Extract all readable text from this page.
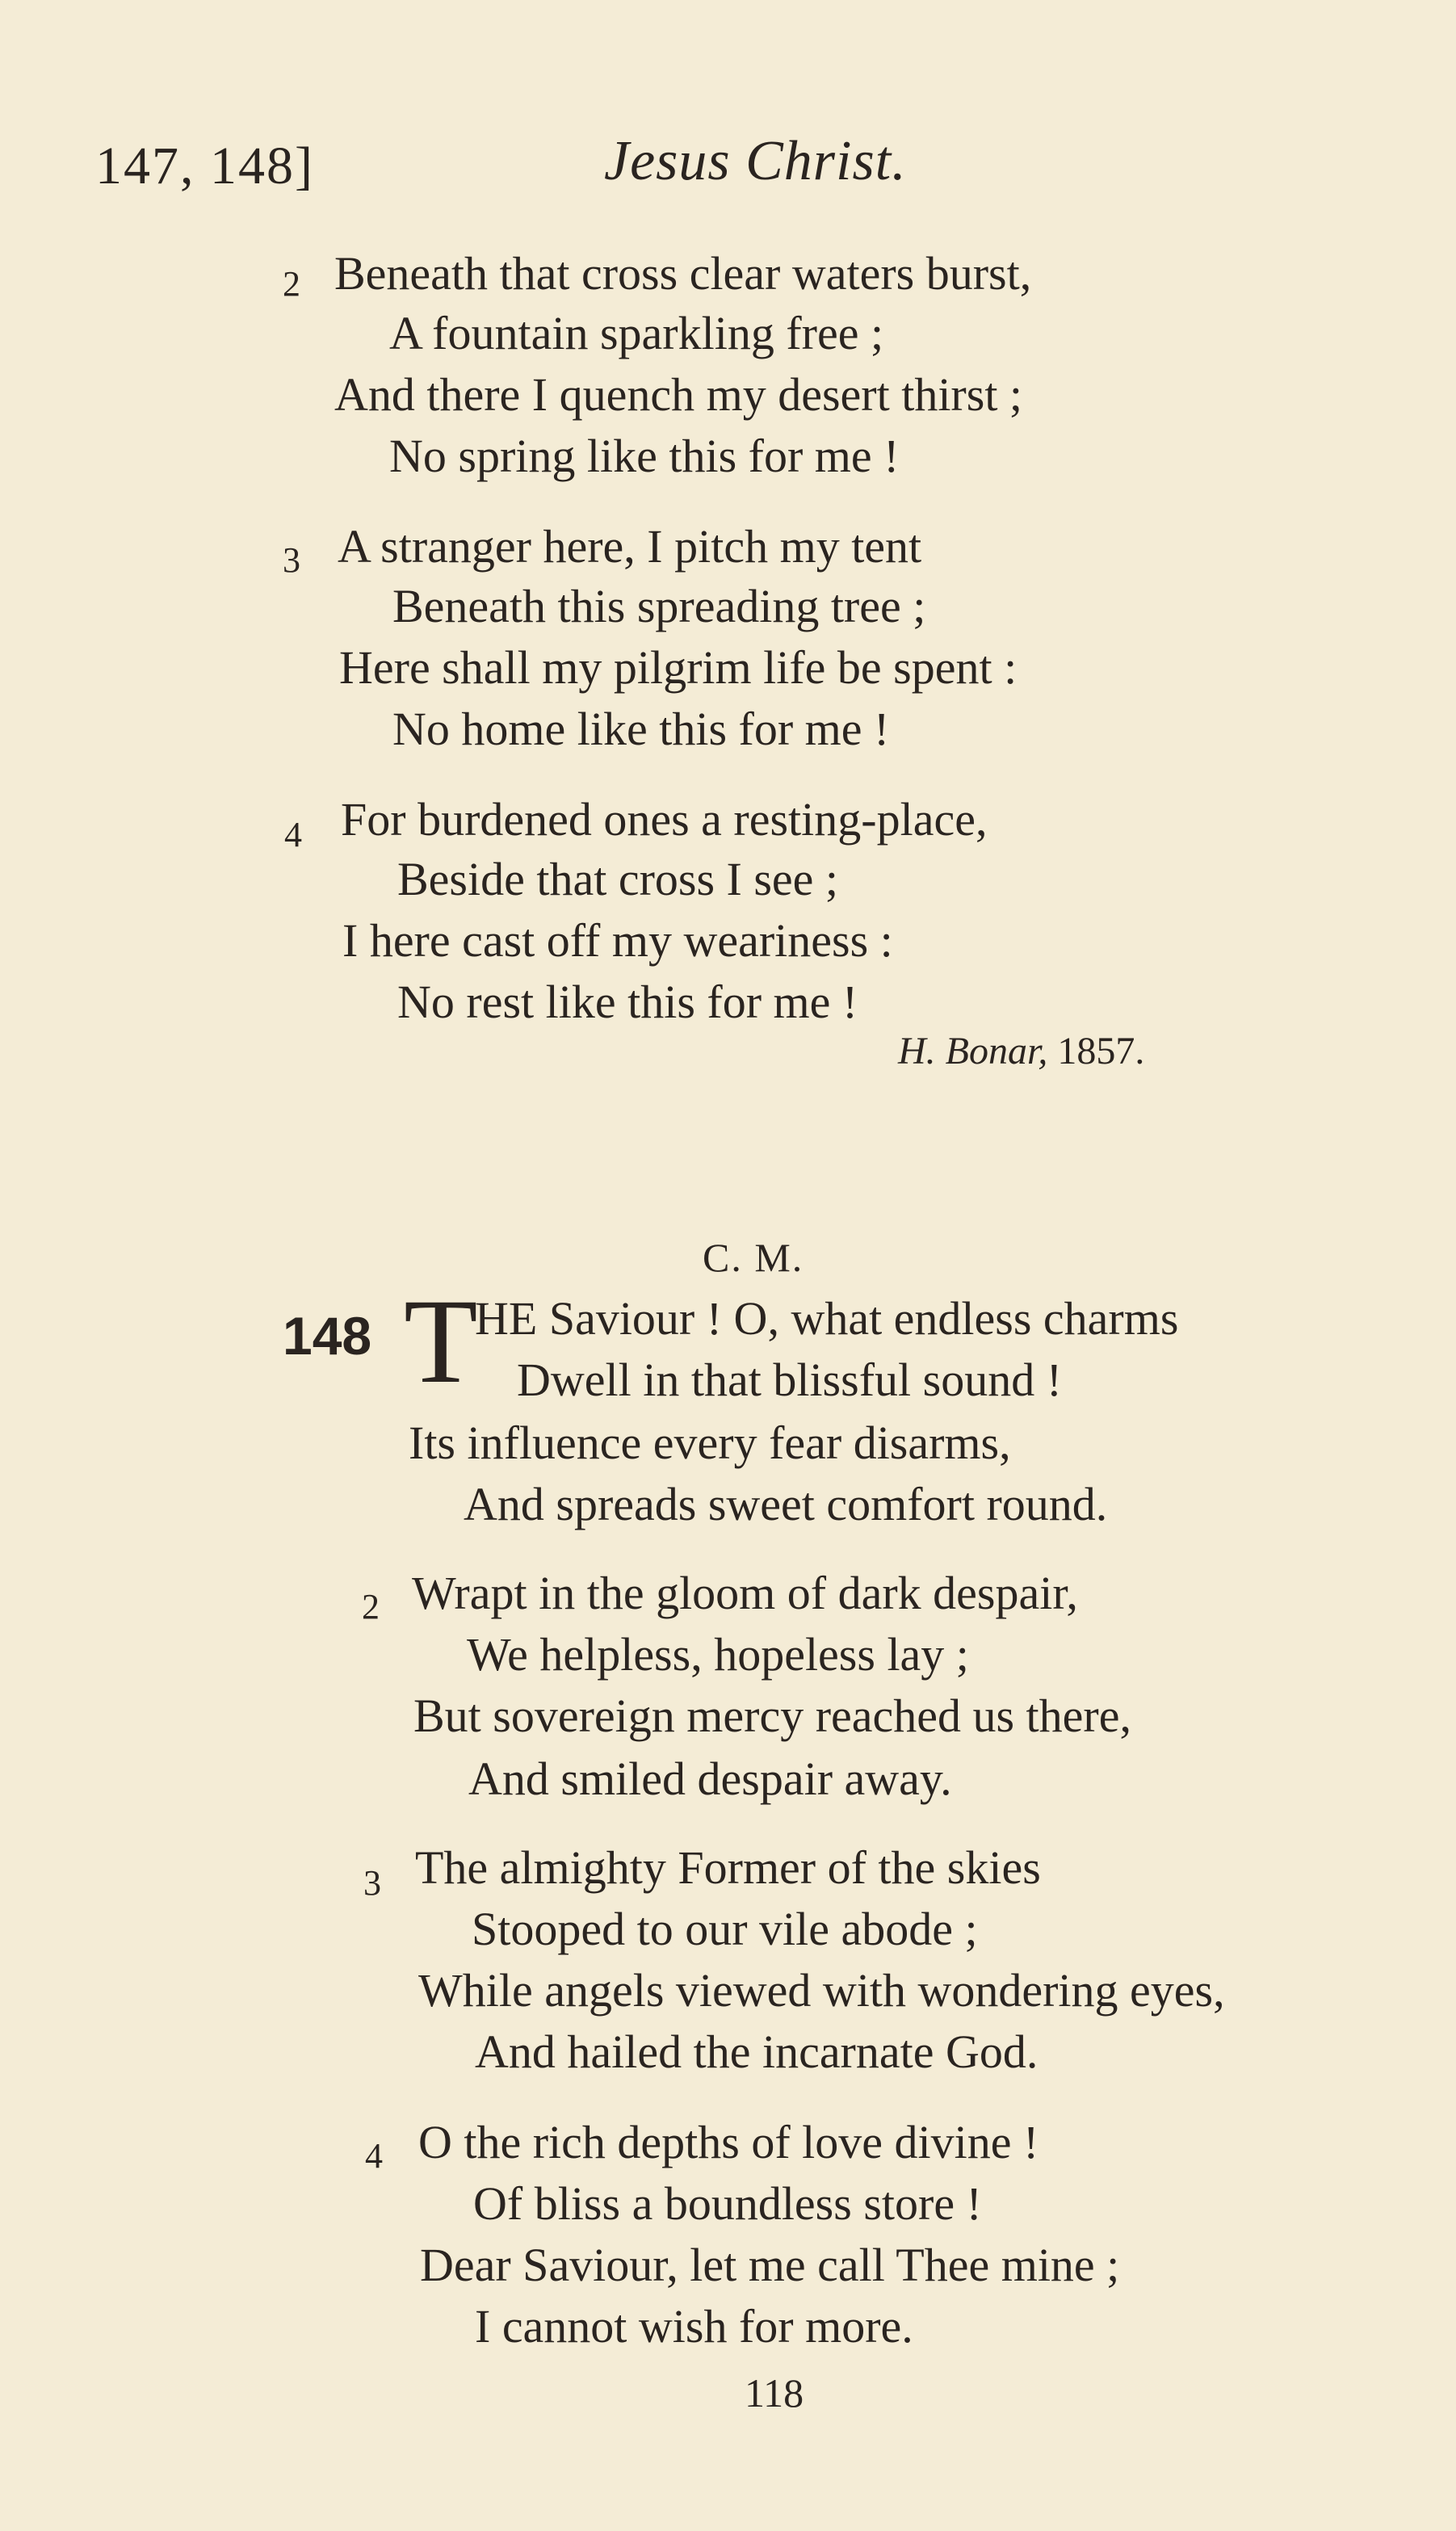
147, 148]	Jesus Christ.
2 Beneath that cross clear waters burst,
A fountain sparkling free ;
And there I quench my desert thirst ;
No spring like this for me !
3 A stranger here, I pitch my tent
Beneath this spreading tree ;
Here shall my pilgrim life be spent :
No home like this for me !
4 For burdened ones a resting-place,
Beside that cross I see ;
I here cast off my weariness :
No rest like this for me !
H. Bonar, 1857.
C. M.
148 T
HE Saviour ! O, what endless charms
Dwell in that blissful sound !
Its influence every fear disarms,
And spreads sweet comfort round.
2 Wrapt in the gloom of dark despair,
We helpless, hopeless lay ;
But sovereign mercy reached us there,
And smiled despair away.
3 The almighty Former of the skies
Stooped to our vile abode ;
While angels viewed with wondering eyes,
And hailed the incarnate God.
4 O the rich depths of love divine !
Of bliss a boundless store !
Dear Saviour, let me call Thee mine ;
I cannot wish for more.
118
